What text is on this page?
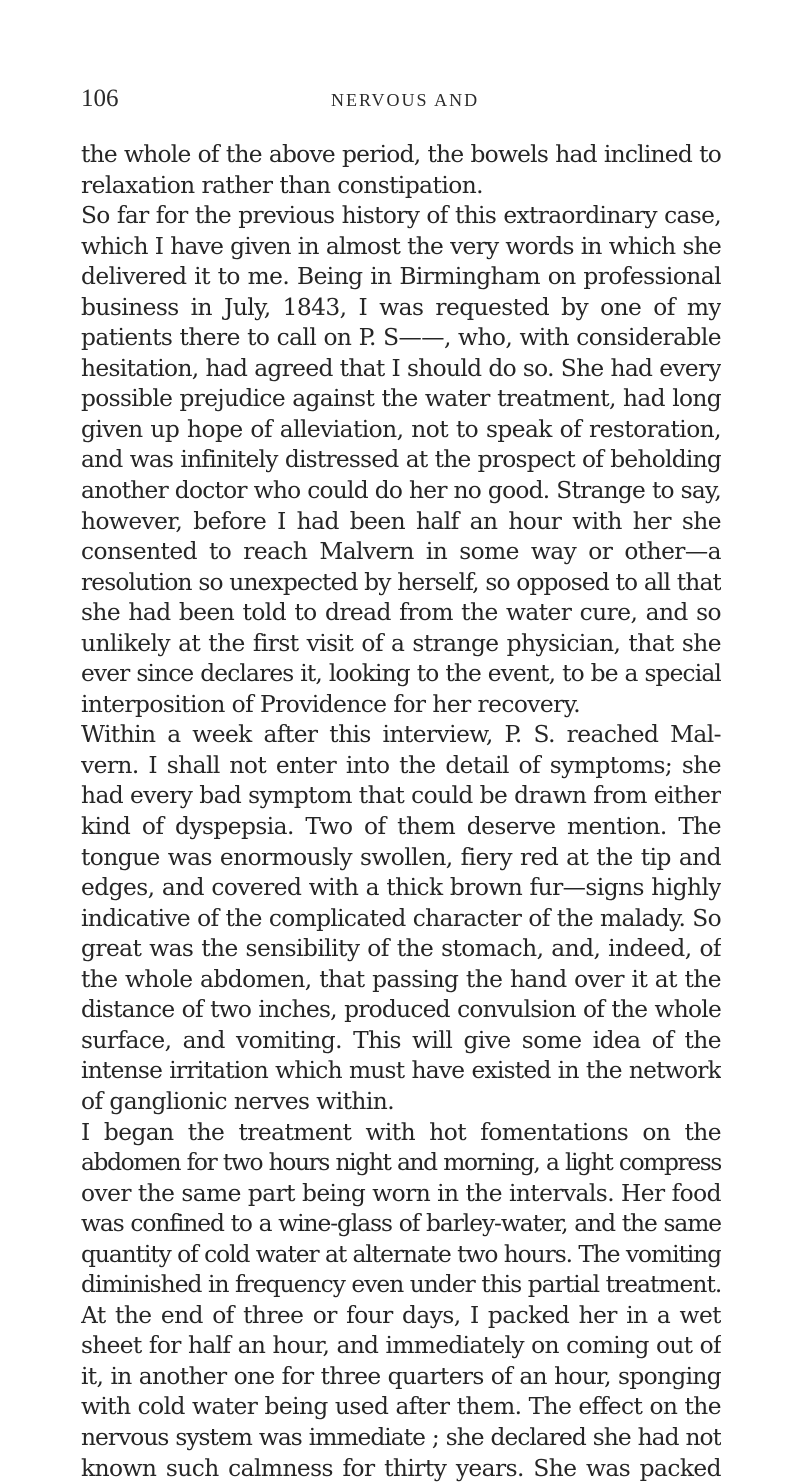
106	NERVOUS AND
the whole of the above period, the bowels had inclined to
relaxation rather than constipation.
So far for the previous history of this extraordinary case,
which I have given in almost the very words in which she
delivered it to me. Being in Birmingham on professional
business in July, 1843, I was requested by one of my
patients there to call on P. S——, who, with considerable
hesitation, had agreed that I should do so. She had every
possible prejudice against the water treatment, had long
given up hope of alleviation, not to speak of restoration,
and was infinitely distressed at the prospect of beholding
another doctor who could do her no good. Strange to say,
however, before I had been half an hour with her she
consented to reach Malvern in some way or other—a
resolution so unexpected by herself, so opposed to all that
she had been told to dread from the water cure, and so
unlikely at the first visit of a strange physician, that she
ever since declares it, looking to the event, to be a special
interposition of Providence for her recovery.
Within a week after this interview, P. S. reached Mal-
vern. I shall not enter into the detail of symptoms; she
had every bad symptom that could be drawn from either
kind of dyspepsia. Two of them deserve mention. The
tongue was enormously swollen, fiery red at the tip and
edges, and covered with a thick brown fur—signs highly
indicative of the complicated character of the malady. So
great was the sensibility of the stomach, and, indeed, of
the whole abdomen, that passing the hand over it at the
distance of two inches, produced convulsion of the whole
surface, and vomiting. This will give some idea of the
intense irritation which must have existed in the network
of ganglionic nerves within.
I began the treatment with hot fomentations on the
abdomen for two hours night and morning, a light compress
over the same part being worn in the intervals. Her food
was confined to a wine-glass of barley-water, and the same
quantity of cold water at alternate two hours. The vomiting
diminished in frequency even under this partial treatment.
At the end of three or four days, I packed her in a wet
sheet for half an hour, and immediately on coming out of
it, in another one for three quarters of an hour, sponging
with cold water being used after them. The effect on the
nervous system was immediate ; she declared she had not
known such calmness for thirty years. She was packed
